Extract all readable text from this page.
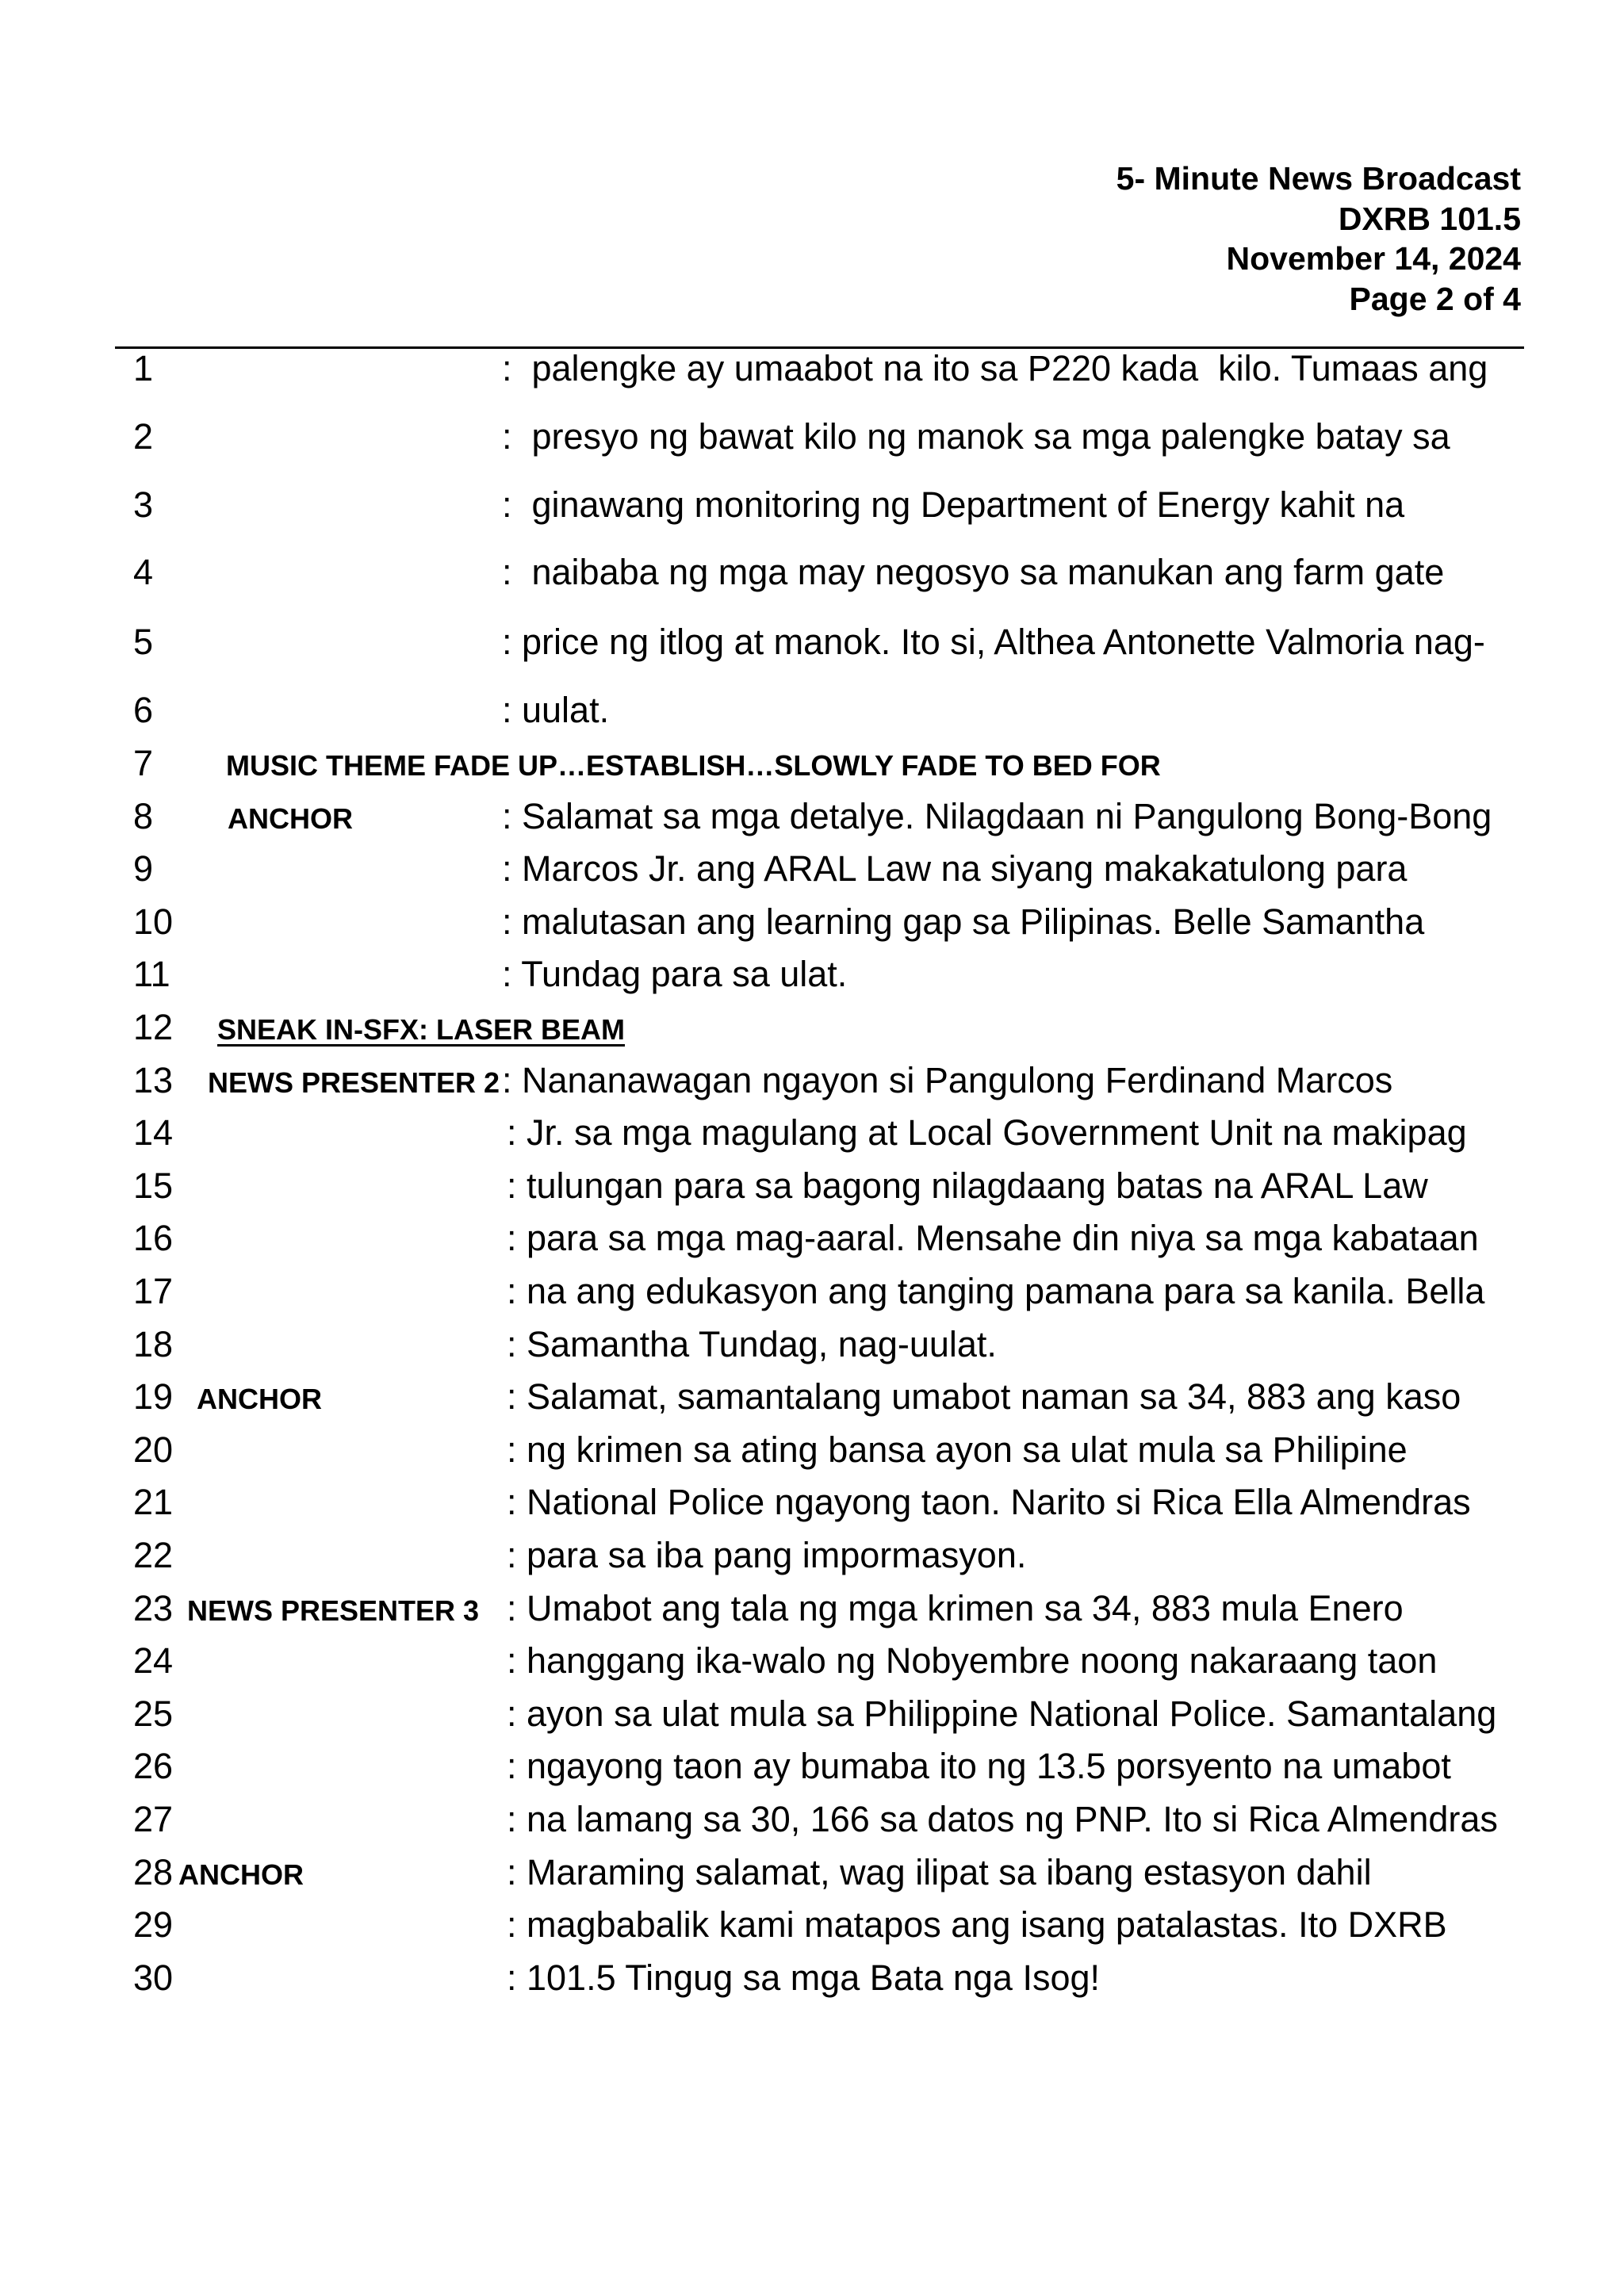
5- Minute News Broadcast
DXRB 101.5
November 14, 2024
Page 2 of 4
1	:  palengke ay umaabot na ito sa P220 kada  kilo. Tumaas ang
2	:  presyo ng bawat kilo ng manok sa mga palengke batay sa
3	:  ginawang monitoring ng Department of Energy kahit na
4	:  naibaba ng mga may negosyo sa manukan ang farm gate
5	: price ng itlog at manok. Ito si, Althea Antonette Valmoria nag-
6	: uulat.
7	MUSIC THEME FADE UP…ESTABLISH…SLOWLY FADE TO BED FOR
8	ANCHOR	: Salamat sa mga detalye. Nilagdaan ni Pangulong Bong-Bong
9	: Marcos Jr. ang ARAL Law na siyang makakatulong para
10	: malutasan ang learning gap sa Pilipinas. Belle Samantha
11	: Tundag para sa ulat.
12 SNEAK IN-SFX: LASER BEAM
13 NEWS PRESENTER 2 : Nananawagan ngayon si Pangulong Ferdinand Marcos
14	: Jr. sa mga magulang at Local Government Unit na makipag
15	: tulungan para sa bagong nilagdaang batas na ARAL Law
16	: para sa mga mag-aaral. Mensahe din niya sa mga kabataan
17	: na ang edukasyon ang tanging pamana para sa kanila. Bella
18	: Samantha Tundag, nag-uulat.
19 ANCHOR	: Salamat, samantalang umabot naman sa 34, 883 ang kaso
20	: ng krimen sa ating bansa ayon sa ulat mula sa Philipine
21	: National Police ngayong taon. Narito si Rica Ella Almendras
22	: para sa iba pang impormasyon.
23 NEWS PRESENTER 3 : Umabot ang tala ng mga krimen sa 34, 883 mula Enero
24	: hanggang ika-walo ng Nobyembre noong nakaraang taon
25	: ayon sa ulat mula sa Philippine National Police. Samantalang
26	: ngayong taon ay bumaba ito ng 13.5 porsyento na umabot
27	: na lamang sa 30, 166 sa datos ng PNP. Ito si Rica Almendras
28 ANCHOR	: Maraming salamat, wag ilipat sa ibang estasyon dahil
29	: magbabalik kami matapos ang isang patalastas. Ito DXRB
30	: 101.5 Tingug sa mga Bata nga Isog!
